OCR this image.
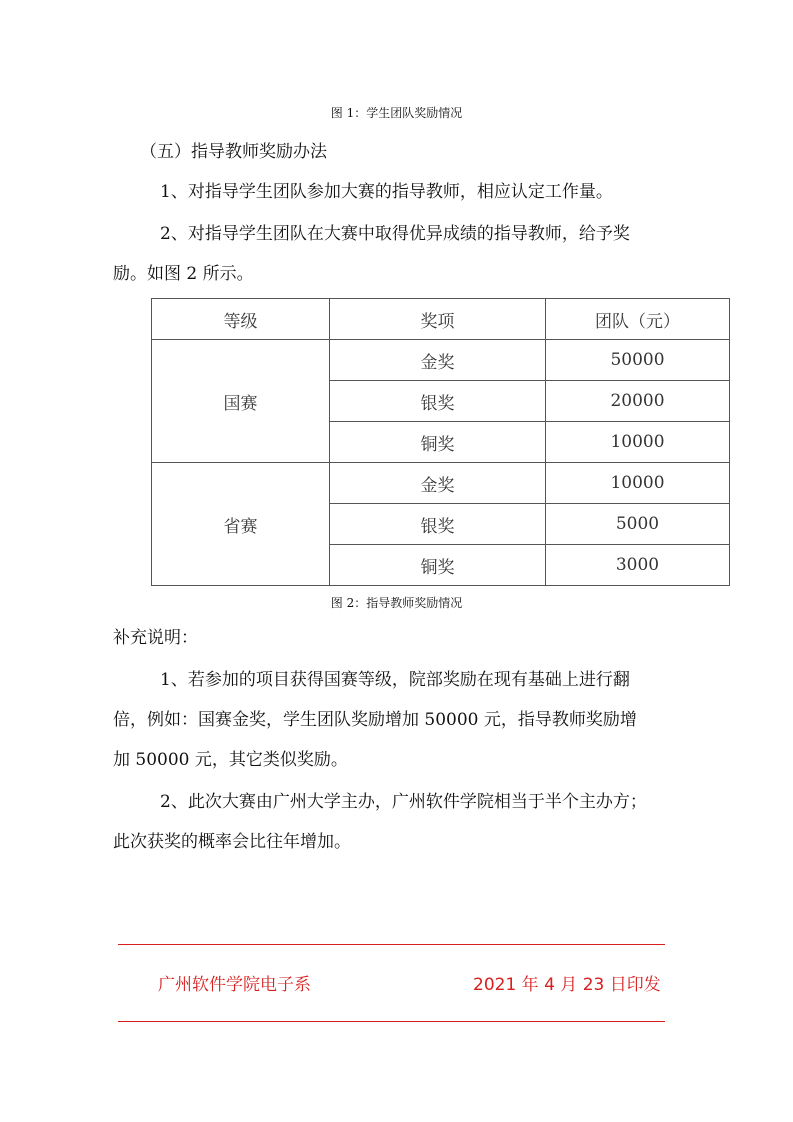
图 1：学生团队奖励情况
（五）指导教师奖励办法
1、对指导学生团队参加大赛的指导教师，相应认定工作量。
2、对指导学生团队在大赛中取得优异成绩的指导教师，给予奖
励。如图 2 所示。
等级	奖项	团队（元）
国赛	金奖	50000
	银奖	20000
	铜奖	10000
省赛	金奖	10000
	银奖	5000
	铜奖	3000
图 2：指导教师奖励情况
补充说明：
1、若参加的项目获得国赛等级，院部奖励在现有基础上进行翻
倍，例如：国赛金奖，学生团队奖励增加 50000 元，指导教师奖励增
加 50000 元，其它类似奖励。
2、此次大赛由广州大学主办，广州软件学院相当于半个主办方；
此次获奖的概率会比往年增加。
广州软件学院电子系	2021 年 4 月 23 日印发
